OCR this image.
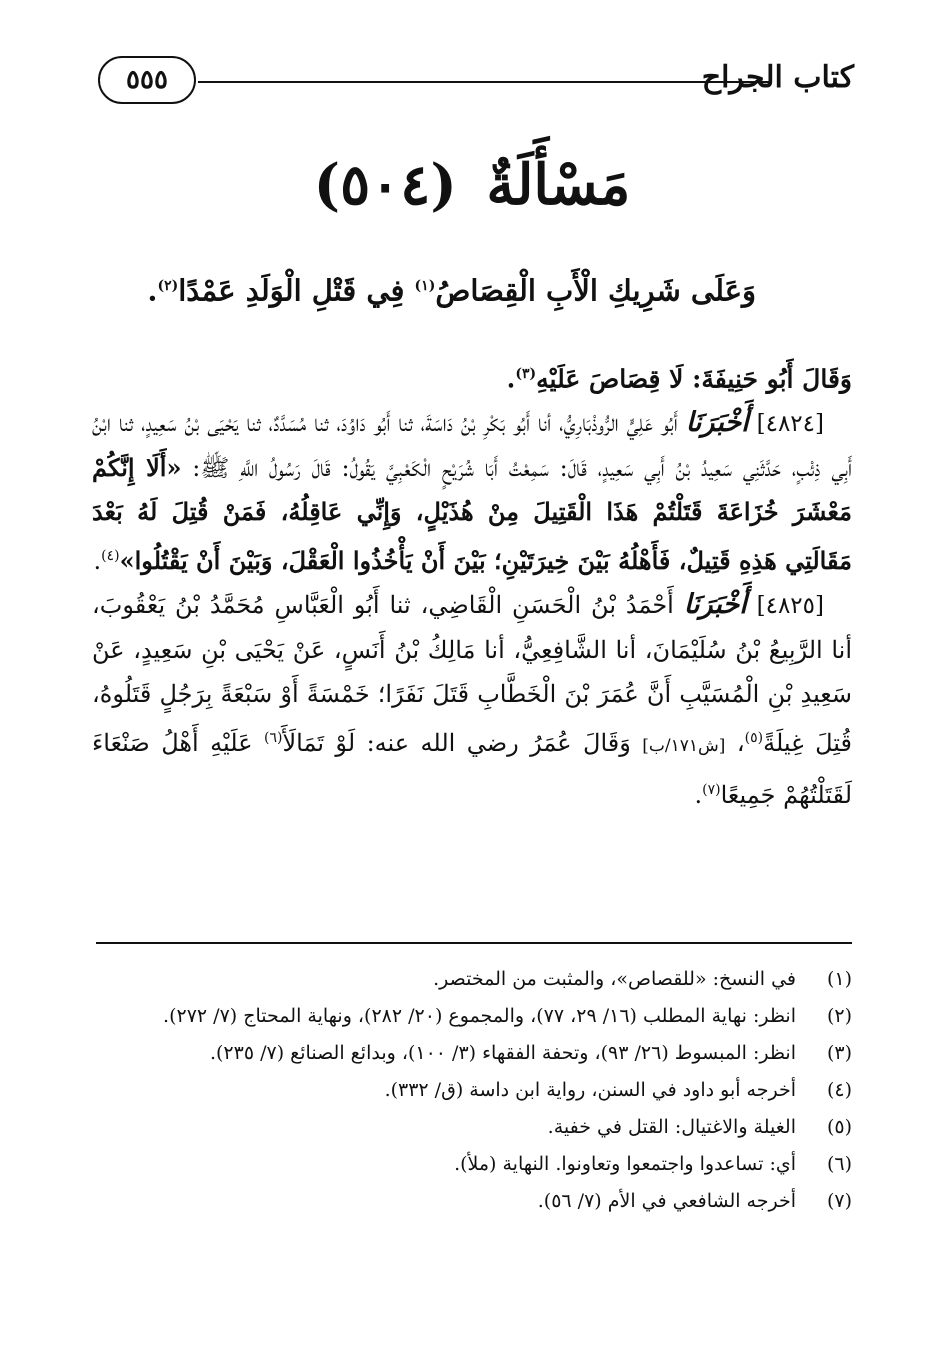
كتاب الجراح
٥٥٥
مَسْأَلَةٌ (٥٠٤)
وَعَلَى شَرِيكِ الْأَبِ الْقِصَاصُ$^{(١)}$ فِي قَتْلِ الْوَلَدِ عَمْدًا$^{(٢)}$.

وَقَالَ أَبُو حَنِيفَةَ: لَا قِصَاصَ عَلَيْهِ$^{(٣)}$.

[٤٨٢٤] أَخْبَرَنَا أَبُو عَلِيٍّ الرُّوذْبَارِيُّ، أنا أَبُو بَكْرِ بْنُ دَاسَةَ، ثنا أَبُو دَاوُدَ، ثنا مُسَدَّدٌ، ثنا يَحْيَى بْنُ سَعِيدٍ، ثنا ابْنُ أَبِي ذِئْبٍ، حَدَّثَنِي سَعِيدُ بْنُ أَبِي سَعِيدٍ، قَالَ: سَمِعْتُ أَبَا شُرَيْحٍ الْكَعْبِيَّ يَقُولُ: قَالَ رَسُولُ اللَّهِ ﷺ: «أَلَا إِنَّكُمْ مَعْشَرَ خُزَاعَةَ قَتَلْتُمْ هَذَا الْقَتِيلَ مِنْ هُذَيْلٍ، وَإِنِّي عَاقِلُهُ، فَمَنْ قُتِلَ لَهُ بَعْدَ مَقَالَتِي هَذِهِ قَتِيلٌ، فَأَهْلُهُ بَيْنَ خِيرَتَيْنِ؛ بَيْنَ أَنْ يَأْخُذُوا الْعَقْلَ، وَبَيْنَ أَنْ يَقْتُلُوا»$^{(٤)}$.

[٤٨٢٥] أَخْبَرَنَا أَحْمَدُ بْنُ الْحَسَنِ الْقَاضِي، ثنا أَبُو الْعَبَّاسِ مُحَمَّدُ بْنُ يَعْقُوبَ، أنا الرَّبِيعُ بْنُ سُلَيْمَانَ، أنا الشَّافِعِيُّ، أنا مَالِكُ بْنُ أَنَسٍ، عَنْ يَحْيَى بْنِ سَعِيدٍ، عَنْ سَعِيدِ بْنِ الْمُسَيَّبِ أَنَّ عُمَرَ بْنَ الْخَطَّابِ قَتَلَ نَفَرًا؛ خَمْسَةً أَوْ سَبْعَةً بِرَجُلٍ قَتَلُوهُ، قُتِلَ غِيلَةً$^{(٥)}$، [ش١٧١/ب] وَقَالَ عُمَرُ رضي الله عنه: لَوْ تَمَالَأَ$^{(٦)}$ عَلَيْهِ أَهْلُ صَنْعَاءَ لَقَتَلْتُهُمْ جَمِيعًا$^{(٧)}$.

(١)
في النسخ: «للقصاص»، والمثبت من المختصر.
(٢)
انظر: نهاية المطلب (١٦/ ٢٩، ٧٧)، والمجموع (٢٠/ ٢٨٢)، ونهاية المحتاج (٧/ ٢٧٢).
(٣)
انظر: المبسوط (٢٦/ ٩٣)، وتحفة الفقهاء (٣/ ١٠٠)، وبدائع الصنائع (٧/ ٢٣٥).
(٤)
أخرجه أبو داود في السنن، رواية ابن داسة (ق/ ٣٣٢).
(٥)
الغيلة والاغتيال: القتل في خفية.
(٦)
أي: تساعدوا واجتمعوا وتعاونوا. النهاية (ملأ).
(٧)
أخرجه الشافعي في الأم (٧/ ٥٦).
